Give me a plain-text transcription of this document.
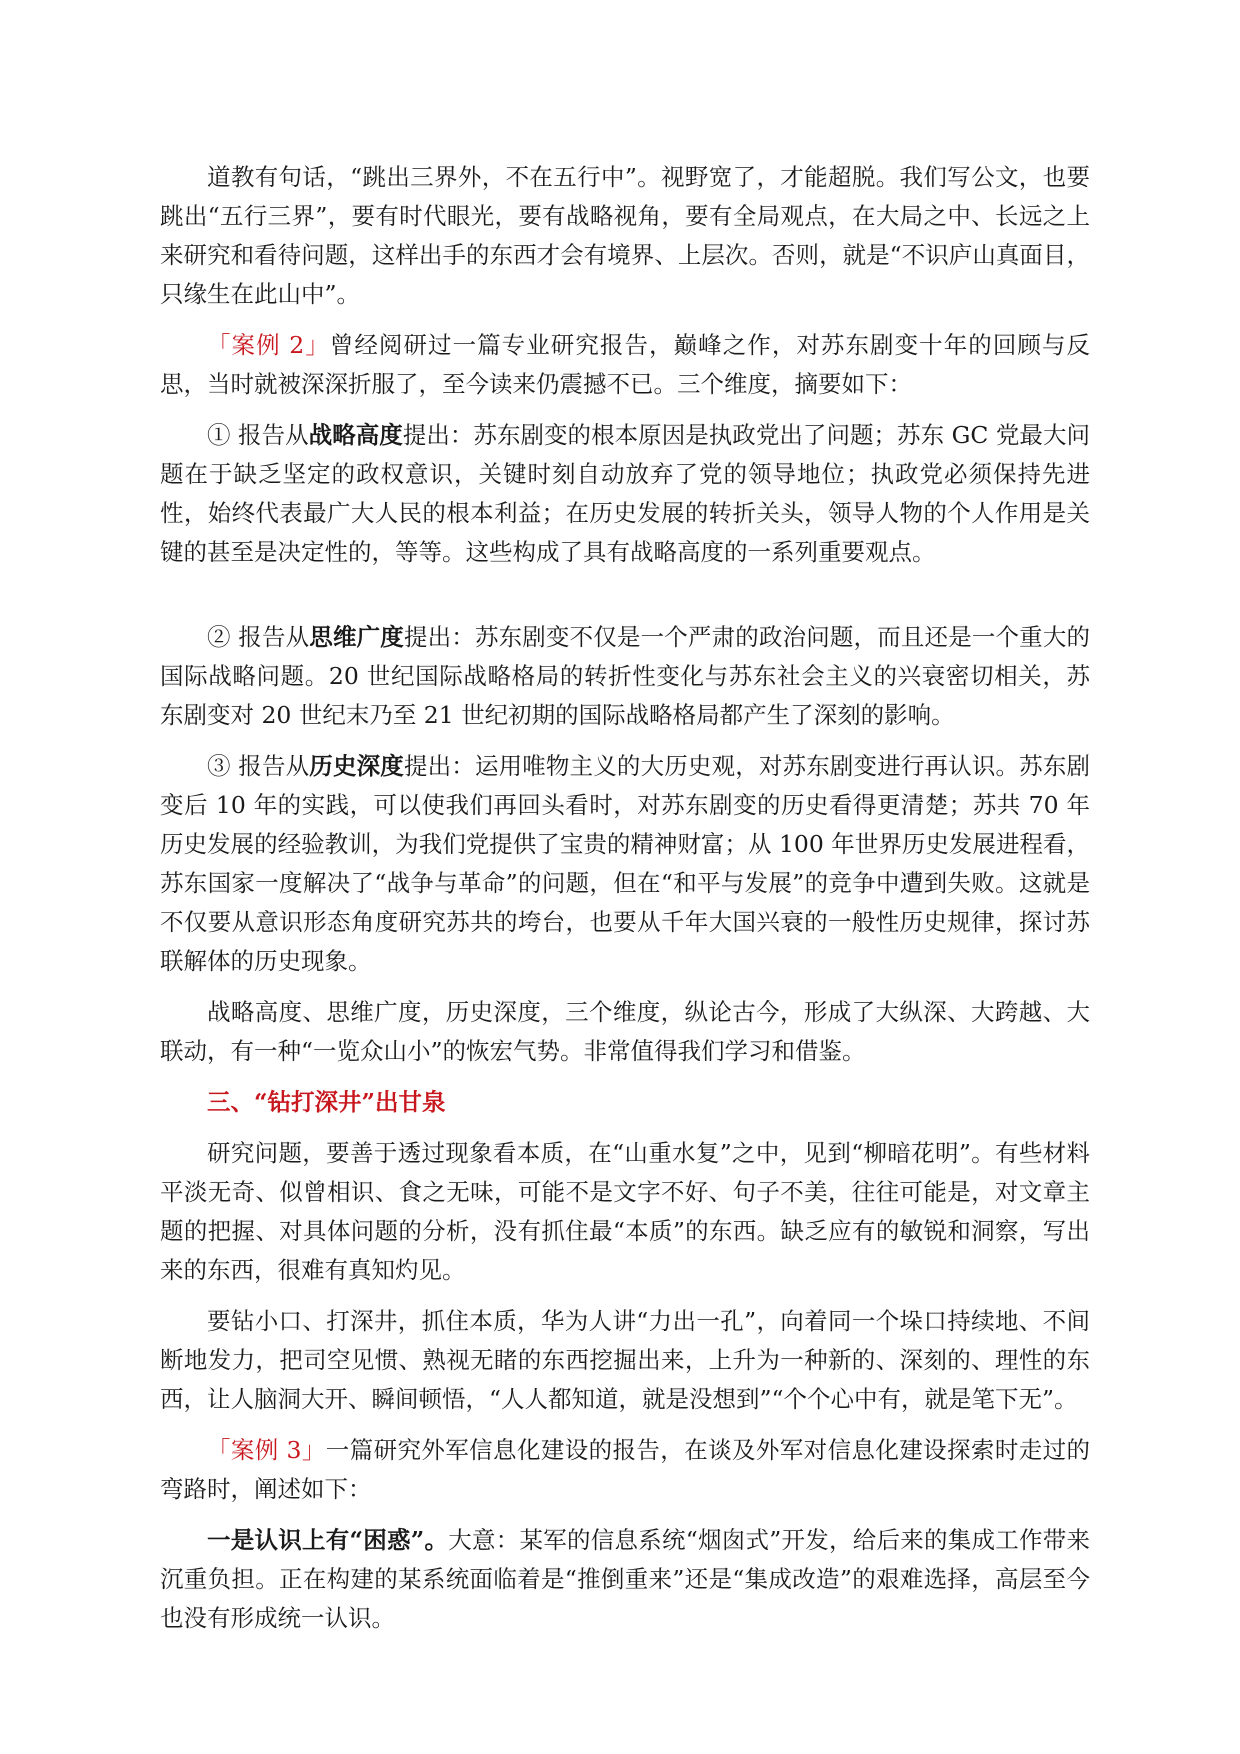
道教有句话，“跳出三界外，不在五行中”。视野宽了，才能超脱。我们写公文，也要跳出“五行三界”，要有时代眼光，要有战略视角，要有全局观点，在大局之中、长远之上来研究和看待问题，这样出手的东西才会有境界、上层次。否则，就是“不识庐山真面目，只缘生在此山中”。

「案例 2」曾经阅研过一篇专业研究报告，巅峰之作，对苏东剧变十年的回顾与反思，当时就被深深折服了，至今读来仍震撼不已。三个维度，摘要如下：

① 报告从战略高度提出：苏东剧变的根本原因是执政党出了问题；苏东 GC 党最大问题在于缺乏坚定的政权意识，关键时刻自动放弃了党的领导地位；执政党必须保持先进性，始终代表最广大人民的根本利益；在历史发展的转折关头，领导人物的个人作用是关键的甚至是决定性的，等等。这些构成了具有战略高度的一系列重要观点。

② 报告从思维广度提出：苏东剧变不仅是一个严肃的政治问题，而且还是一个重大的国际战略问题。20 世纪国际战略格局的转折性变化与苏东社会主义的兴衰密切相关，苏东剧变对 20 世纪末乃至 21 世纪初期的国际战略格局都产生了深刻的影响。

③ 报告从历史深度提出：运用唯物主义的大历史观，对苏东剧变进行再认识。苏东剧变后 10 年的实践，可以使我们再回头看时，对苏东剧变的历史看得更清楚；苏共 70 年历史发展的经验教训，为我们党提供了宝贵的精神财富；从 100 年世界历史发展进程看，苏东国家一度解决了“战争与革命”的问题，但在“和平与发展”的竞争中遭到失败。这就是不仅要从意识形态角度研究苏共的垮台，也要从千年大国兴衰的一般性历史规律，探讨苏联解体的历史现象。

战略高度、思维广度，历史深度，三个维度，纵论古今，形成了大纵深、大跨越、大联动，有一种“一览众山小”的恢宏气势。非常值得我们学习和借鉴。

三、“钻打深井”出甘泉

研究问题，要善于透过现象看本质，在“山重水复”之中，见到“柳暗花明”。有些材料平淡无奇、似曾相识、食之无味，可能不是文字不好、句子不美，往往可能是，对文章主题的把握、对具体问题的分析，没有抓住最“本质”的东西。缺乏应有的敏锐和洞察，写出来的东西，很难有真知灼见。

要钻小口、打深井，抓住本质，华为人讲“力出一孔”，向着同一个垛口持续地、不间断地发力，把司空见惯、熟视无睹的东西挖掘出来，上升为一种新的、深刻的、理性的东西，让人脑洞大开、瞬间顿悟，“人人都知道，就是没想到”“个个心中有，就是笔下无”。

「案例 3」一篇研究外军信息化建设的报告，在谈及外军对信息化建设探索时走过的弯路时，阐述如下：

一是认识上有“困惑”。大意：某军的信息系统“烟囱式”开发，给后来的集成工作带来沉重负担。正在构建的某系统面临着是“推倒重来”还是“集成改造”的艰难选择，高层至今也没有形成统一认识。
